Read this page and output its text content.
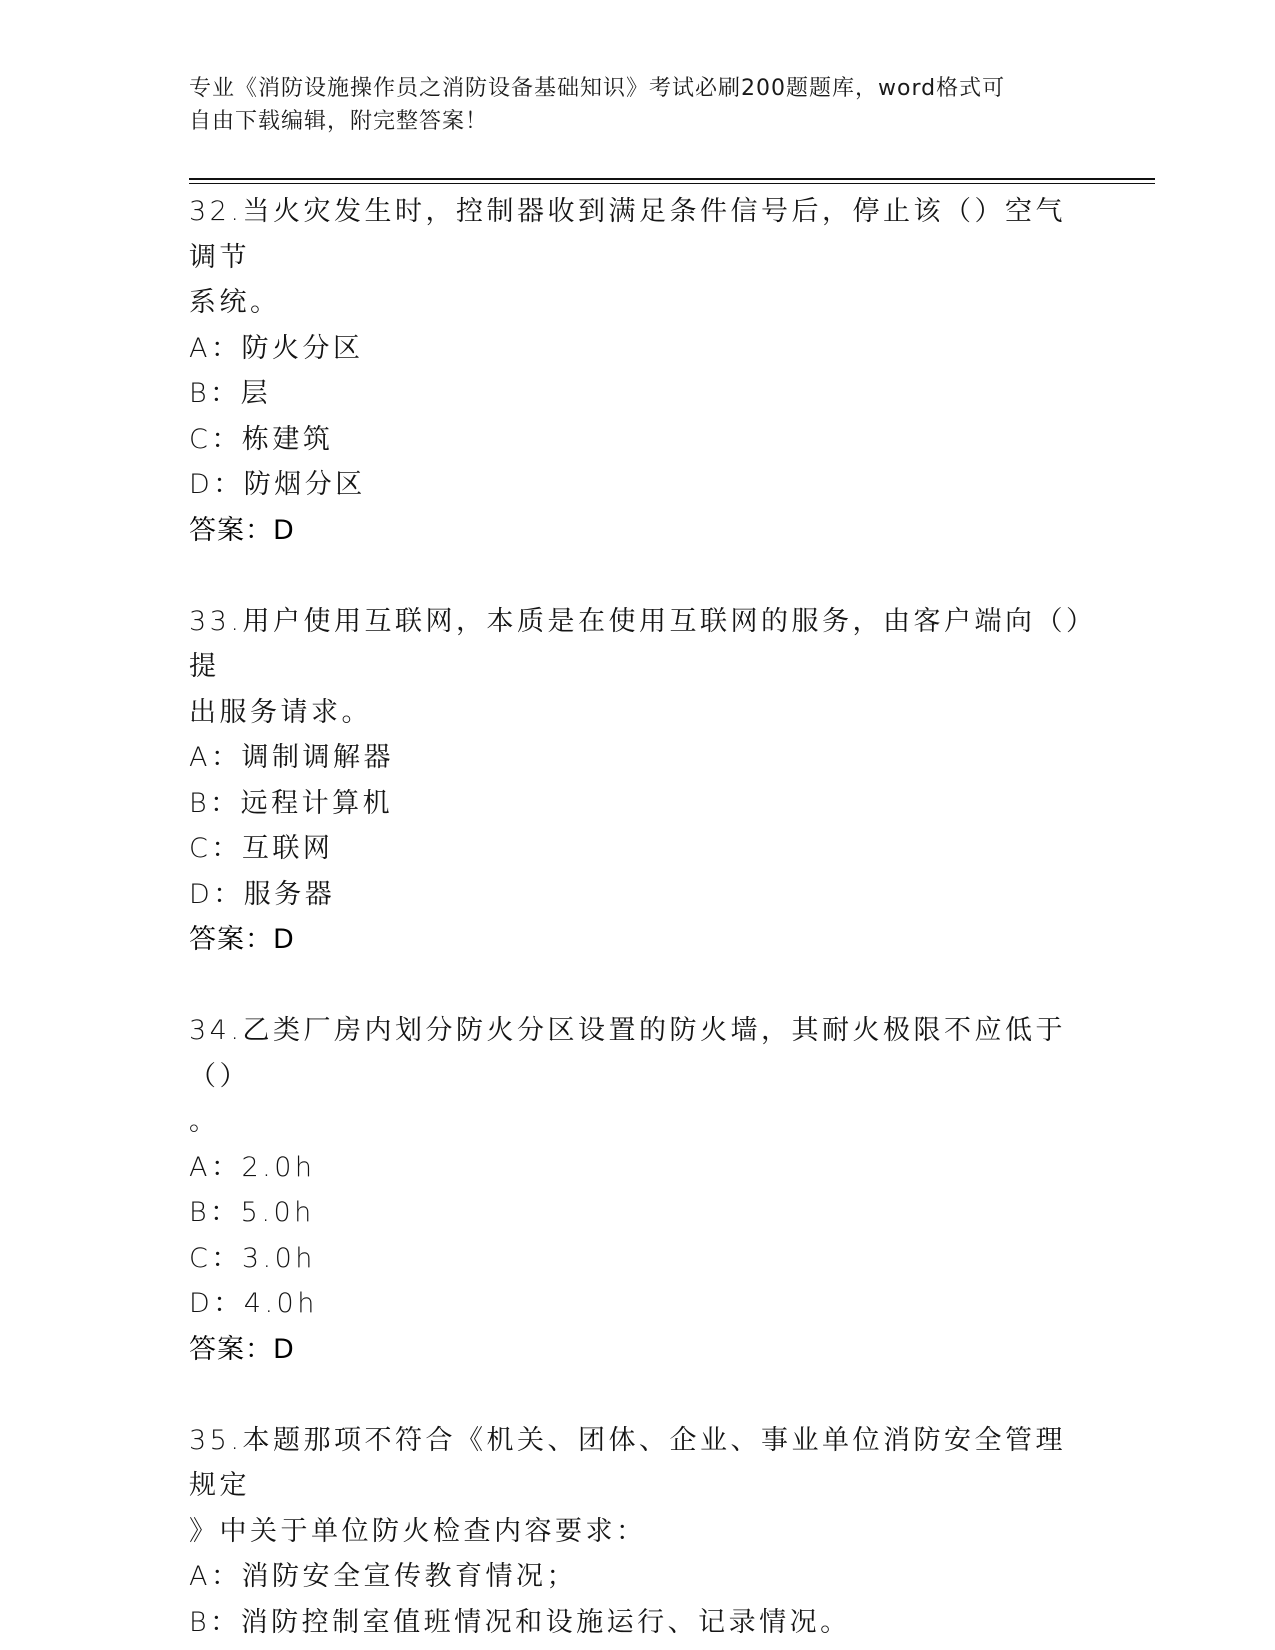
专业《消防设施操作员之消防设备基础知识》考试必刷200题题库，word格式可
自由下载编辑，附完整答案！
32.当火灾发生时，控制器收到满足条件信号后，停止该（）空气调节
系统。
A：防火分区
B：层
C：栋建筑
D：防烟分区
答案：D
33.用户使用互联网，本质是在使用互联网的服务，由客户端向（）提
出服务请求。
A：调制调解器
B：远程计算机
C：互联网
D：服务器
答案：D
34.乙类厂房内划分防火分区设置的防火墙，其耐火极限不应低于（）
。
A：2.0h
B：5.0h
C：3.0h
D：4.0h
答案：D
35.本题那项不符合《机关、团体、企业、事业单位消防安全管理规定
》中关于单位防火检查内容要求：
A：消防安全宣传教育情况；
B：消防控制室值班情况和设施运行、记录情况。
